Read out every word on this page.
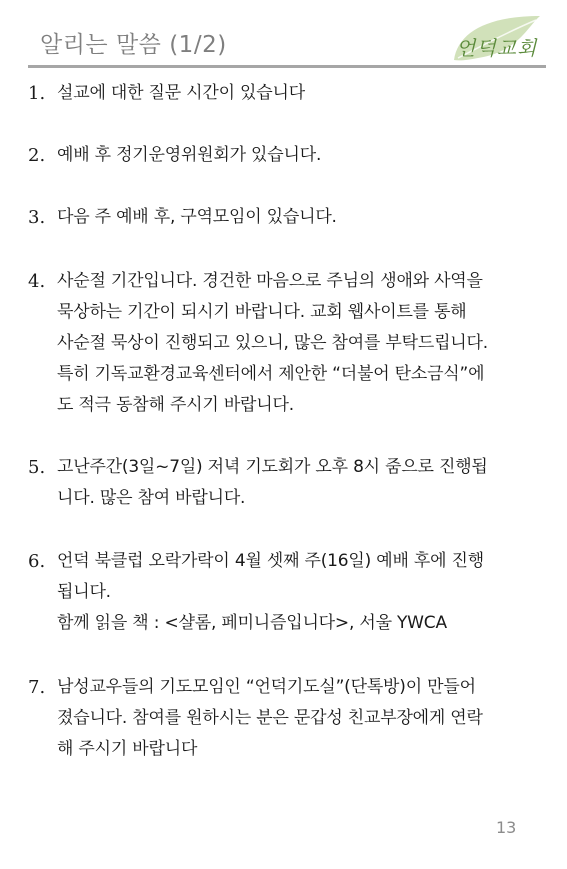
알리는 말씀 (1/2)	언덕교회
1. 설교에 대한 질문 시간이 있습니다
2. 예배 후 정기운영위원회가 있습니다.
3. 다음 주 예배 후, 구역모임이 있습니다.
4. 사순절 기간입니다. 경건한 마음으로 주님의 생애와 사역을
묵상하는 기간이 되시기 바랍니다. 교회 웹사이트를 통해
사순절 묵상이 진행되고 있으니, 많은 참여를 부탁드립니다.
특히 기독교환경교육센터에서 제안한 “더불어 탄소금식”에
도 적극 동참해 주시기 바랍니다.
5. 고난주간(3일~7일) 저녁 기도회가 오후 8시 줌으로 진행됩
니다. 많은 참여 바랍니다.
6. 언덕 북클럽 오락가락이 4월 셋째 주(16일) 예배 후에 진행
됩니다.
함께 읽을 책 : <샬롬, 페미니즘입니다>, 서울 YWCA
7. 남성교우들의 기도모임인 “언덕기도실”(단톡방)이 만들어
졌습니다. 참여를 원하시는 분은 문갑성 친교부장에게 연락
해 주시기 바랍니다
13
